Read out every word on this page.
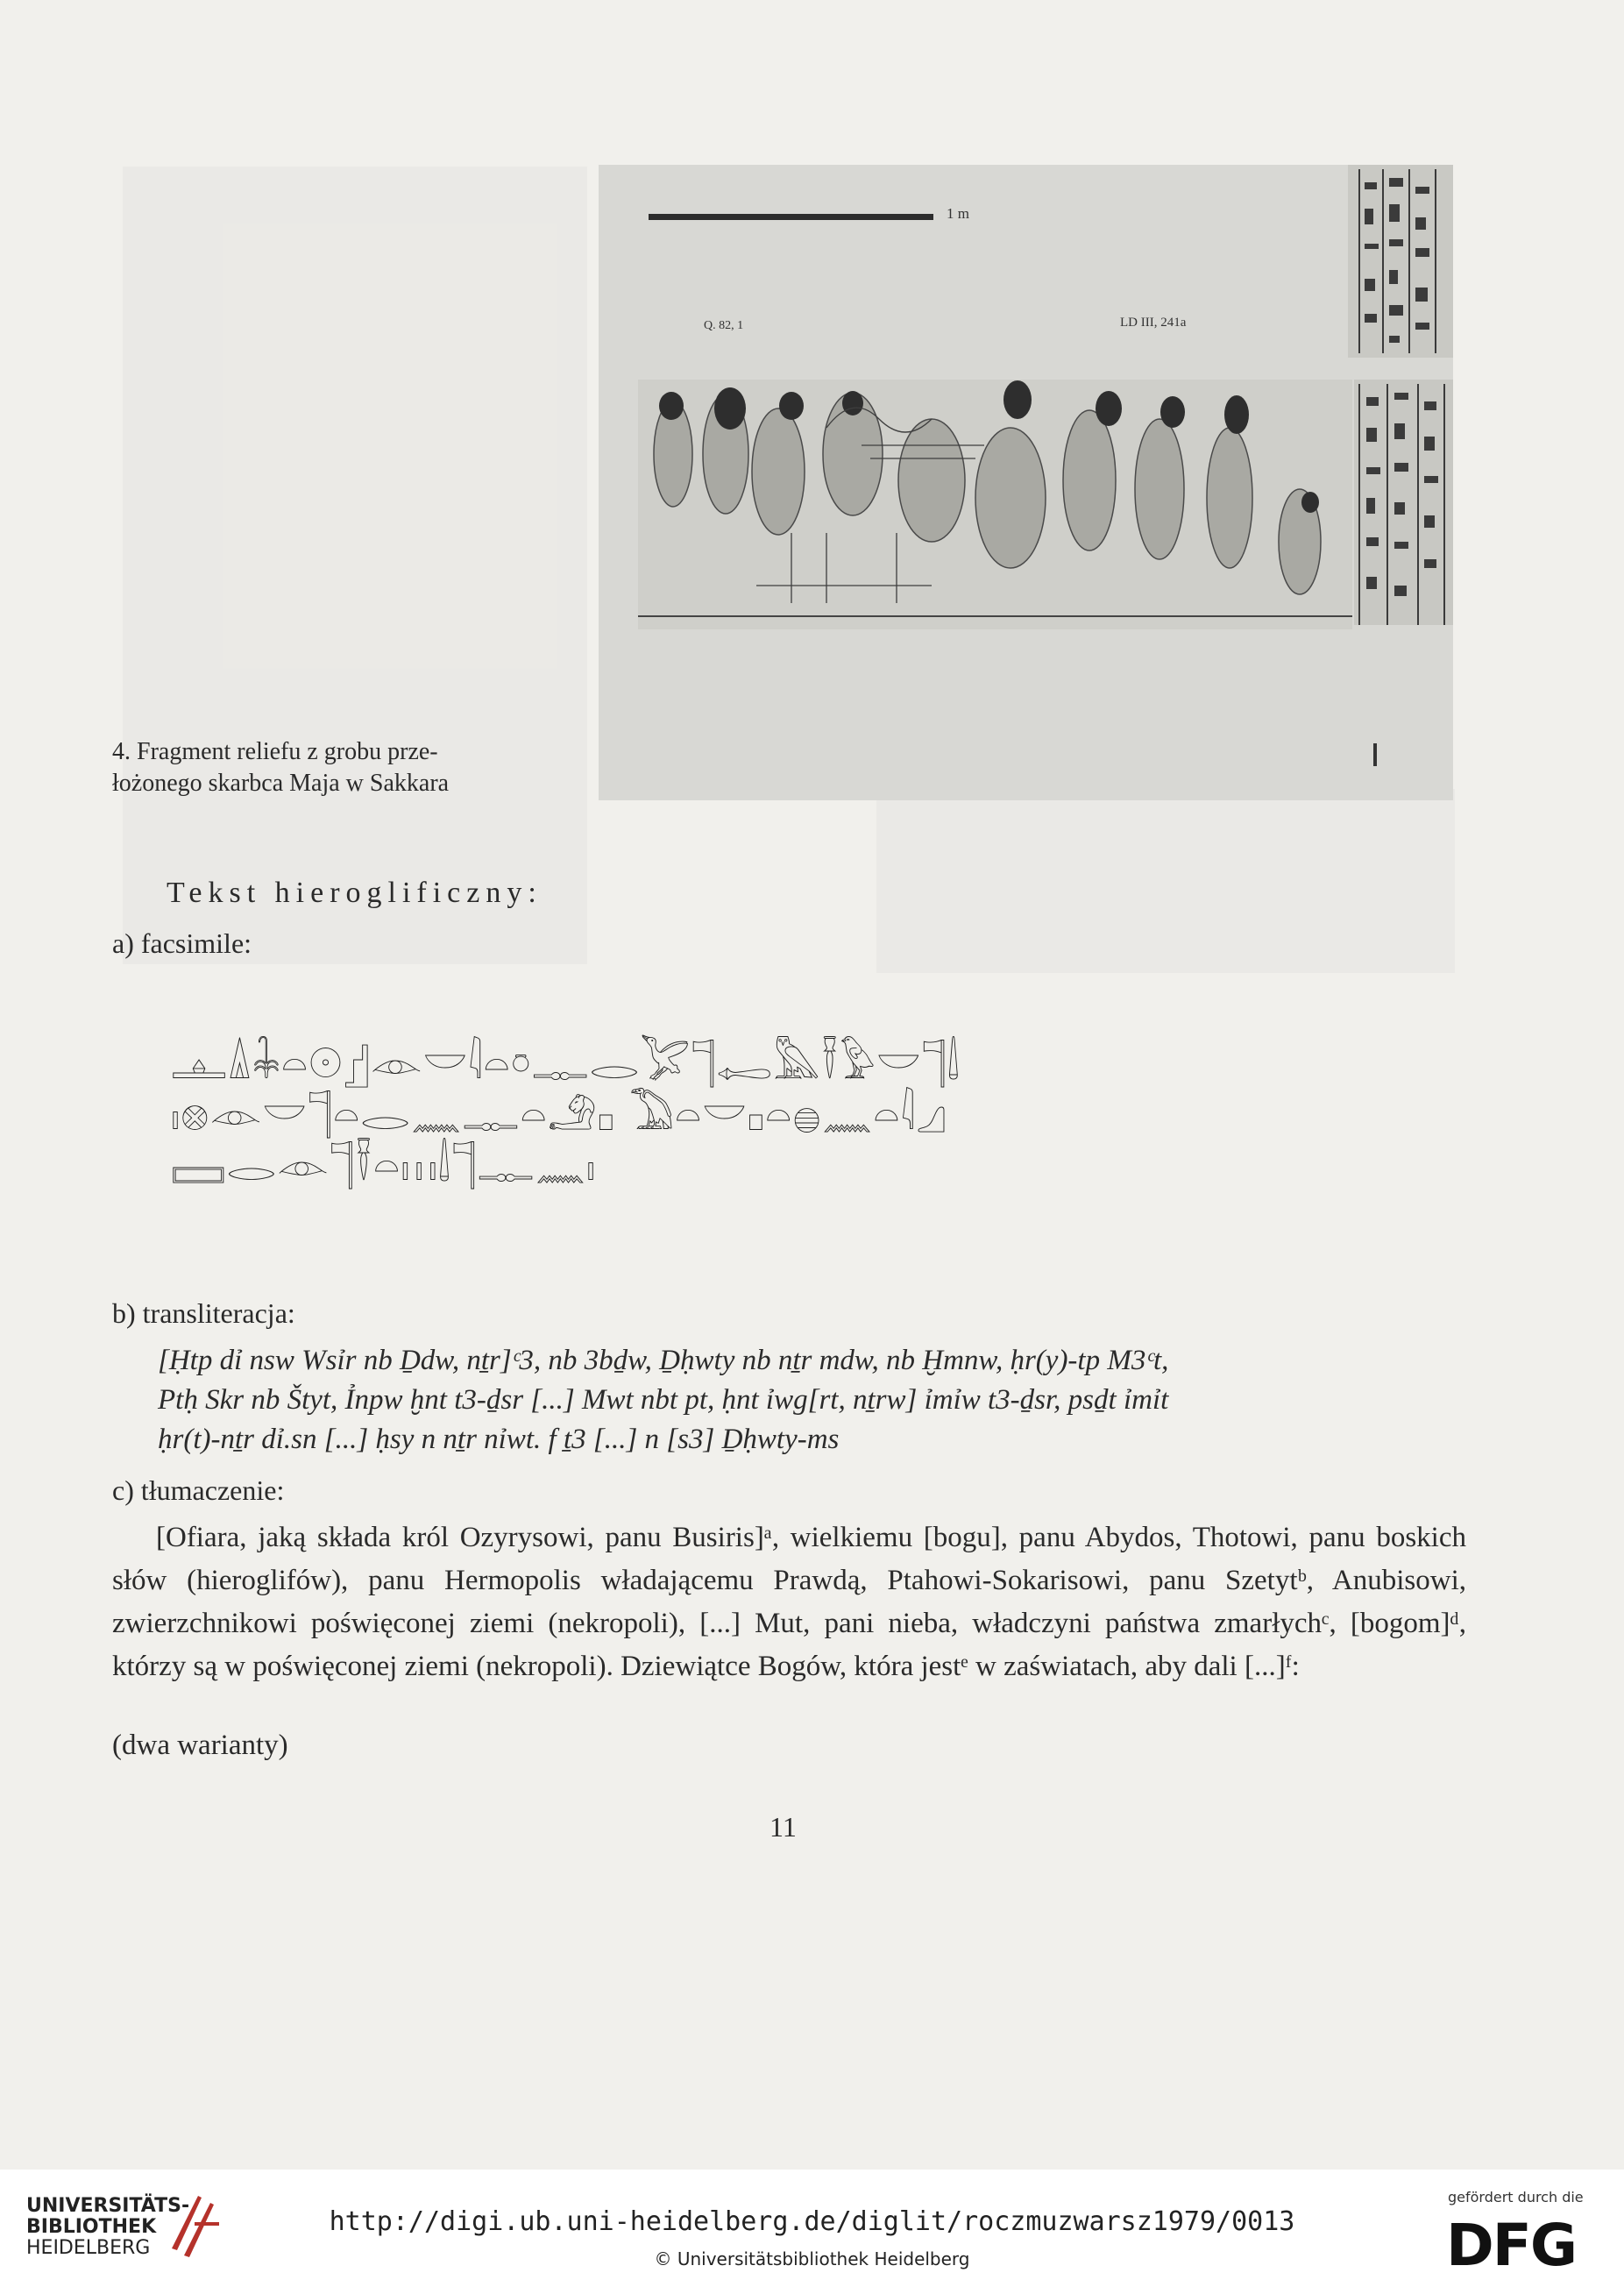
1 m
Q. 82, 1	LD III, 241a
4. Fragment reliefu z grobu prze-
łożonego skarbca Maja w Sakkara
Tekst hieroglificzny:
a) facsimile:
𓊵𓏙𓇓𓏏𓇳𓊨𓁹𓎟𓇋𓏏𓏌𓊃𓂋𓅯𓊹𓉻𓅓𓍋𓅱𓎟𓊹𓌃
𓏤𓊖𓁹𓎟𓊹𓏏𓂋𓈖𓊃𓏏𓄂𓊪 𓅐𓏏𓎟𓊪𓏏𓐍𓈖𓏏𓇋𓈎
𓈙𓂋𓁹𓊹𓍋𓏏𓏥𓌃𓊹𓊃𓈖𓏤
b) transliteracja:
[Ḥtp dỉ nsw Wsỉr nb Ḏdw, nṯr]ᶜ3, nb 3bḏw, Ḏḥwty nb nṯr mdw, nb Ḫmnw, ḥr(y)-tp M3ᶜt,
Ptḥ Skr nb Štyt, Ỉnpw ḫnt t3-ḏsr [...] Mwt nbt pt, ḥnt ỉwg[rt, nṯrw] ỉmỉw t3-ḏsr, psḏt ỉmỉt
ḥr(t)-nṯr dỉ.sn [...] ḥsy n nṯr nỉwt. f ṯ3 [...] n [s3] Ḏḥwty-ms
c) tłumaczenie:
[Ofiara, jaką składa król Ozyrysowi, panu Busiris]ᵃ, wielkiemu [bogu], panu Abydos, Thotowi, panu boskich słów (hieroglifów), panu Hermopolis władającemu Prawdą, Ptahowi-Sokarisowi, panu Szetytᵇ, Anubisowi, zwierzchnikowi poświęconej ziemi (nekropoli), [...] Mut, pani nieba, władczyni państwa zmarłychᶜ, [bogom]ᵈ, którzy są w poświęconej ziemi (nekropoli). Dziewiątce Bogów, która jestᵉ w zaświatach, aby dali [...]ᶠ:
(dwa warianty)
11
UNIVERSITÄTS-
BIBLIOTHEK
HEIDELBERG
http://digi.ub.uni-heidelberg.de/diglit/roczmuzwarsz1979/0013
© Universitätsbibliothek Heidelberg
gefördert durch die
DFG
